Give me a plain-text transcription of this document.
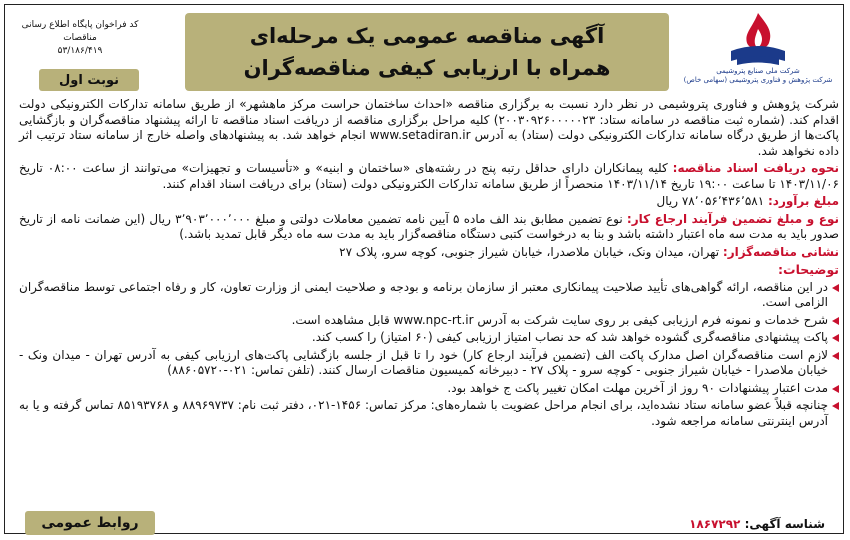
کد فراخوان پایگاه اطلاع رسانی مناقصات
۵۳/۱۸۶/۴۱۹
نوبت اول
آگهی مناقصه عمومی یک مرحله‌ای
همراه با ارزیابی کیفی مناقصه‌گران	شرکت ملی صنایع پتروشیمی
شرکت پژوهش و فناوری پتروشیمی (سهامی خاص)

شرکت پژوهش و فناوری پتروشیمی در نظر دارد نسبت به برگزاری مناقصه «احداث ساختمان حراست مرکز ماهشهر» از طریق سامانه تدارکات الکترونیکی دولت اقدام کند. (شماره ثبت مناقصه در سامانه ستاد: ۲۰۰۳۰۹۲۶۰۰۰۰۰۲۳) کلیه مراحل برگزاری مناقصه از دریافت اسناد مناقصه تا ارائه پیشنهاد مناقصه‌گران و بازگشایی پاکت‌ها از طریق درگاه سامانه تدارکات الکترونیکی دولت (ستاد) به آدرس www.setadiran.ir انجام خواهد شد. به پیشنهادهای واصله خارج از سامانه ستاد ترتیب اثر داده نخواهد شد.

نحوه دریافت اسناد مناقصه: کلیه پیمانکاران دارای حداقل رتبه پنج در رشته‌های «ساختمان و ابنیه» و «تأسیسات و تجهیزات» می‌توانند از ساعت ۰۸:۰۰ تاریخ ۱۴۰۳/۱۱/۰۶ تا ساعت ۱۹:۰۰ تاریخ ۱۴۰۳/۱۱/۱۴ منحصراً از طریق سامانه تدارکات الکترونیکی دولت (ستاد) برای دریافت اسناد اقدام کنند.

مبلغ برآورد: ۷۸٬۰۵۶٬۴۳۶٬۵۸۱ ریال

نوع و مبلغ تضمین فرآیند ارجاع کار: نوع تضمین مطابق بند الف ماده ۵ آیین نامه تضمین معاملات دولتی و مبلغ ۳٬۹۰۳٬۰۰۰٬۰۰۰ ریال (این ضمانت نامه از تاریخ صدور باید به مدت سه ماه اعتبار داشته باشد و بنا به درخواست کتبی دستگاه مناقصه‌گزار باید به مدت سه ماه دیگر قابل تمدید باشد.)

نشانی مناقصه‌گزار: تهران، میدان ونک، خیابان ملاصدرا، خیابان شیراز جنوبی، کوچه سرو، پلاک ۲۷

توضیحات:

در این مناقصه، ارائه گواهی‌های تأیید صلاحیت پیمانکاری معتبر از سازمان برنامه و بودجه و صلاحیت ایمنی از وزارت تعاون، کار و رفاه اجتماعی توسط مناقصه‌گران الزامی است.
شرح خدمات و نمونه فرم ارزیابی کیفی بر روی سایت شرکت به آدرس www.npc-rt.ir قابل مشاهده است.
پاکت پیشنهادی مناقصه‌گری گشوده خواهد شد که حد نصاب امتیاز ارزیابی کیفی (۶۰ امتیاز) را کسب کند.
لازم است مناقصه‌گران اصل مدارک پاکت الف (تضمین فرآیند ارجاع کار) خود را تا قبل از جلسه بازگشایی پاکت‌های ارزیابی کیفی به آدرس تهران - میدان ونک - خیابان ملاصدرا - خیابان شیراز جنوبی - کوچه سرو - پلاک ۲۷ - دبیرخانه کمیسیون مناقصات ارسال کنند. (تلفن تماس: ۰۲۱-۸۸۶۰۵۷۲۰)
مدت اعتبار پیشنهادات ۹۰ روز از آخرین مهلت امکان تغییر پاکت ج خواهد بود.
چنانچه قبلاً عضو سامانه ستاد نشده‌اید، برای انجام مراحل عضویت با شماره‌های: مرکز تماس: ۱۴۵۶-۰۲۱، دفتر ثبت نام: ۸۸۹۶۹۷۳۷ و ۸۵۱۹۳۷۶۸ تماس گرفته و یا به آدرس اینترنتی سامانه مراجعه شود.
شناسه آگهی: ۱۸۶۷۲۹۲
روابط عمومی
